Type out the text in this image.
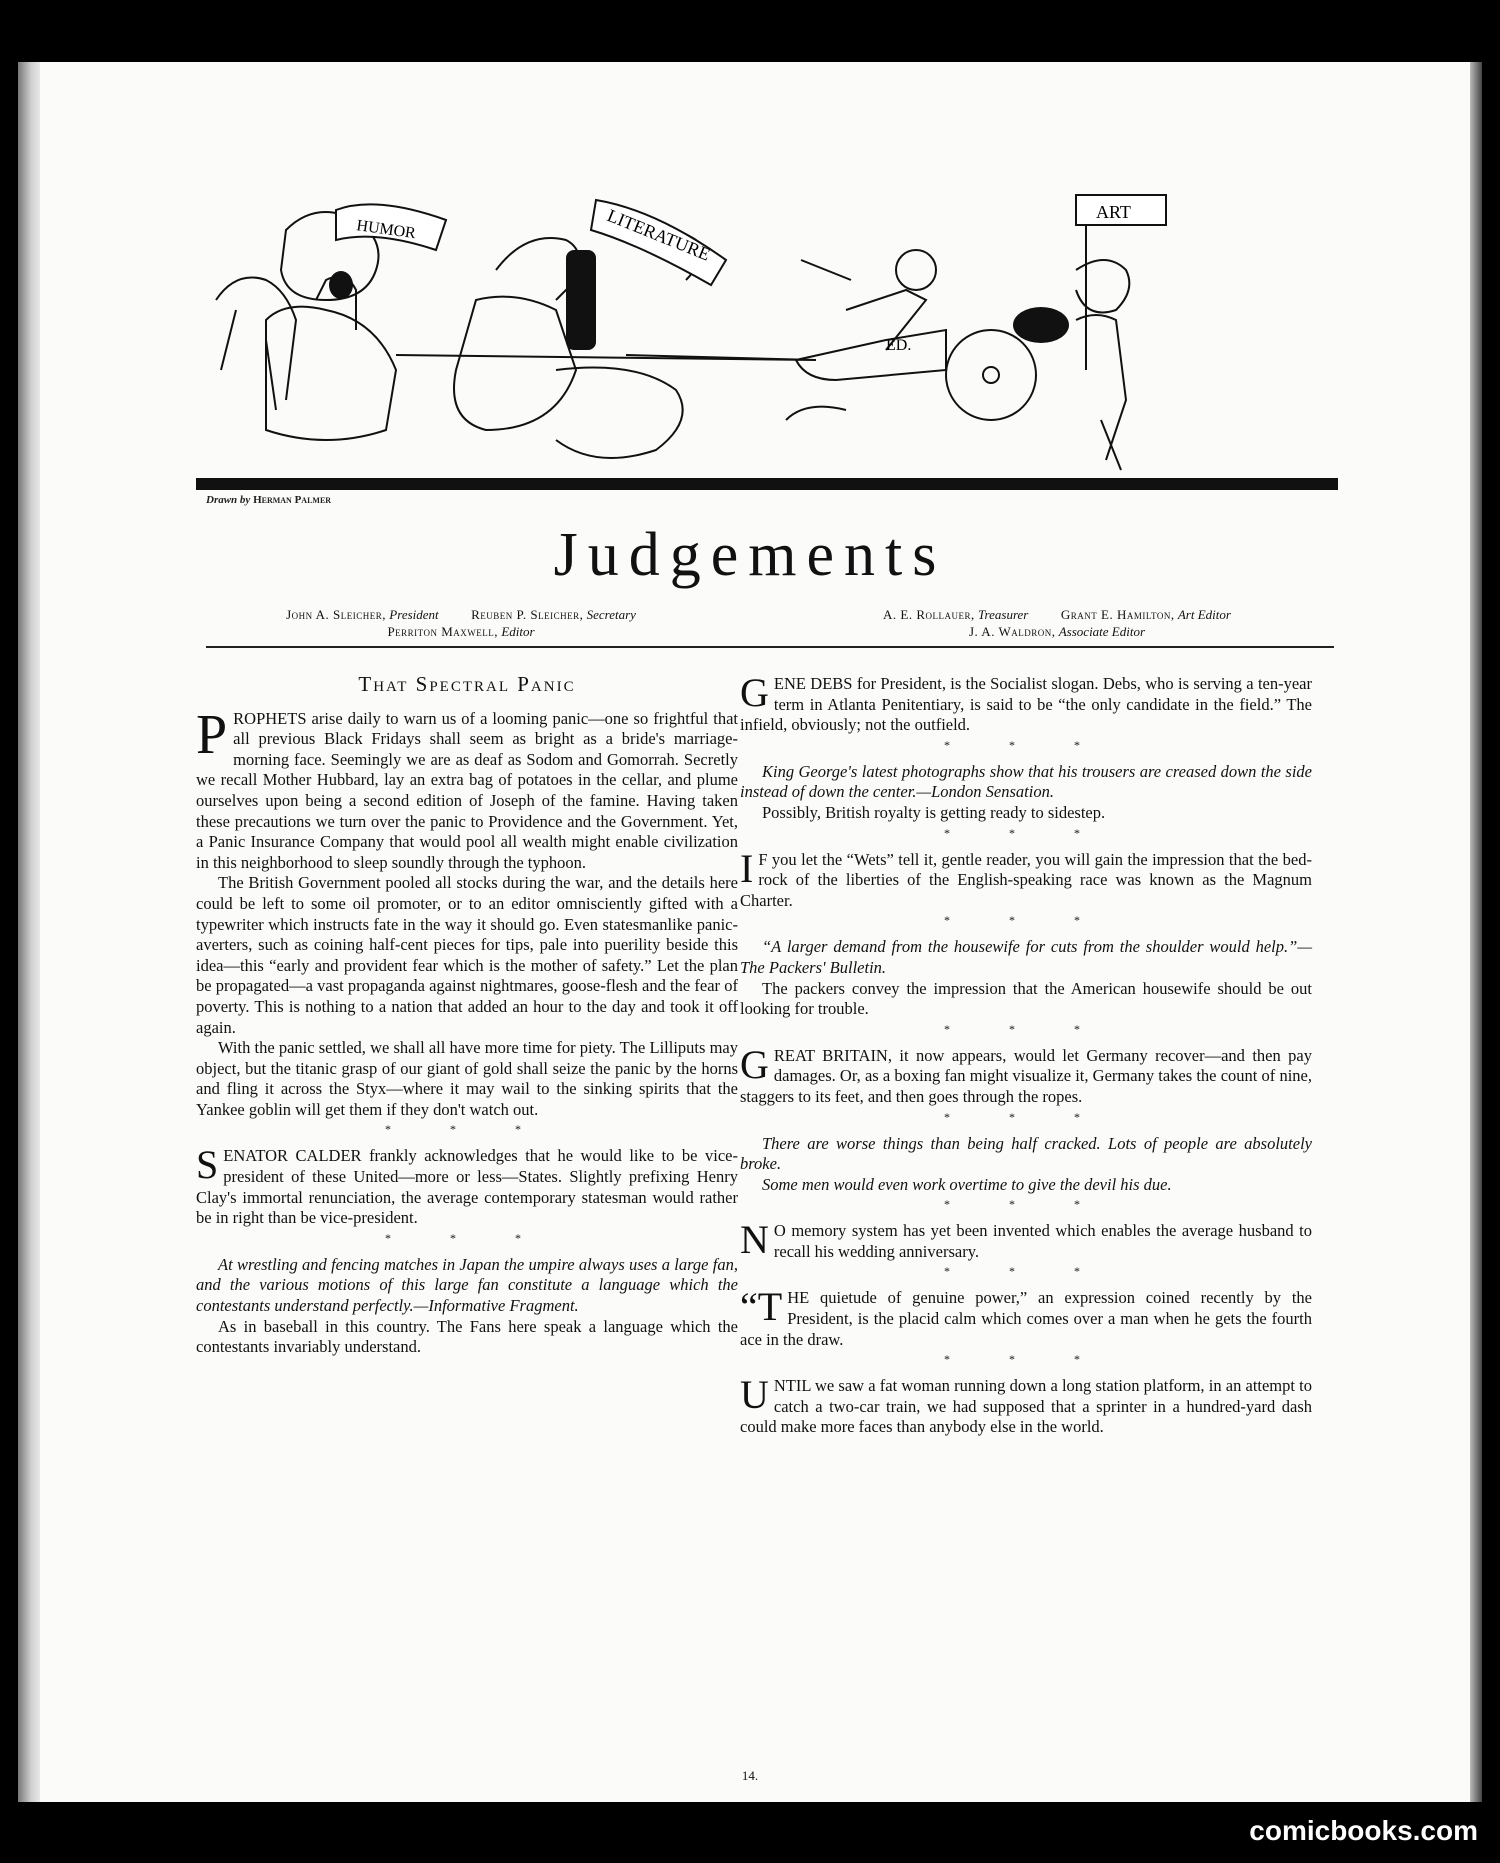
HUMOR	LITERATURE	ART
ED.
Drawn by Herman Palmer
Judgements
John A. Sleicher, President	Reuben P. Sleicher, Secretary
Perriton Maxwell, Editor
A. E. Rollauer, Treasurer	Grant E. Hamilton, Art Editor
J. A. Waldron, Associate Editor
That Spectral Panic

PROPHETS arise daily to warn us of a looming panic—one so frightful that all previous Black Fridays shall seem as bright as a bride's marriage-morning face. Seemingly we are as deaf as Sodom and Gomorrah. Secretly we recall Mother Hubbard, lay an extra bag of potatoes in the cellar, and plume ourselves upon being a second edition of Joseph of the famine. Having taken these precautions we turn over the panic to Providence and the Government. Yet, a Panic Insurance Company that would pool all wealth might enable civilization in this neighborhood to sleep soundly through the typhoon.

The British Government pooled all stocks during the war, and the details here could be left to some oil promoter, or to an editor omnisciently gifted with a typewriter which instructs fate in the way it should go. Even statesmanlike panic-averters, such as coining half-cent pieces for tips, pale into puerility beside this idea—this “early and provident fear which is the mother of safety.” Let the plan be propagated—a vast propaganda against nightmares, goose-flesh and the fear of poverty. This is nothing to a nation that added an hour to the day and took it off again.

With the panic settled, we shall all have more time for piety. The Lilliputs may object, but the titanic grasp of our giant of gold shall seize the panic by the horns and fling it across the Styx—where it may wail to the sinking spirits that the Yankee goblin will get them if they don't watch out.

* * *

SENATOR CALDER frankly acknowledges that he would like to be vice-president of these United—more or less—States. Slightly prefixing Henry Clay's immortal renunciation, the average contemporary statesman would rather be in right than be vice-president.

* * *

At wrestling and fencing matches in Japan the umpire always uses a large fan, and the various motions of this large fan constitute a language which the contestants understand perfectly.—Informative Fragment.

As in baseball in this country. The Fans here speak a language which the contestants invariably understand.

GENE DEBS for President, is the Socialist slogan. Debs, who is serving a ten-year term in Atlanta Penitentiary, is said to be “the only candidate in the field.” The infield, obviously; not the outfield.

* * *

King George's latest photographs show that his trousers are creased down the side instead of down the center.—London Sensation.

Possibly, British royalty is getting ready to sidestep.

* * *

I F you let the “Wets” tell it, gentle reader, you will gain the impression that the bed-rock of the liberties of the English-speaking race was known as the Magnum Charter.

* * *

“A larger demand from the housewife for cuts from the shoulder would help.”—The Packers' Bulletin.

The packers convey the impression that the American housewife should be out looking for trouble.

* * *

GREAT BRITAIN, it now appears, would let Germany recover—and then pay damages. Or, as a boxing fan might visualize it, Germany takes the count of nine, staggers to its feet, and then goes through the ropes.

* * *

There are worse things than being half cracked. Lots of people are absolutely broke.

Some men would even work overtime to give the devil his due.

* * *

N O memory system has yet been invented which enables the average husband to recall his wedding anniversary.

* * *

“THE quietude of genuine power,” an expression coined recently by the President, is the placid calm which comes over a man when he gets the fourth ace in the draw.

* * *

UNTIL we saw a fat woman running down a long station platform, in an attempt to catch a two-car train, we had supposed that a sprinter in a hundred-yard dash could make more faces than anybody else in the world.

14.
comicbooks.com
